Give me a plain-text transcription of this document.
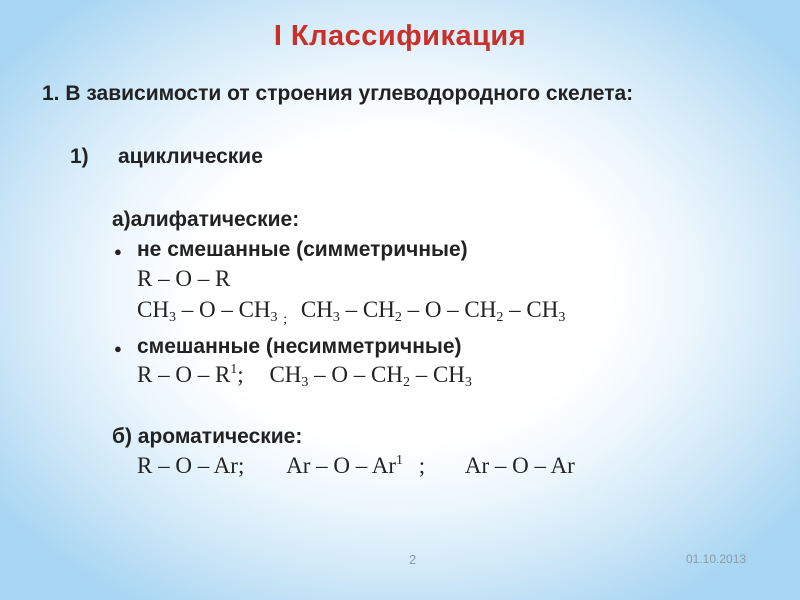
I Классификация
1. В зависимости от строения углеводородного скелета:
1) ациклические
а)алифатические:
● не смешанные (симметричные)
R – O – R
$CH_3$ – O – $CH_3$ $_;$ $CH_3 - CH_2$ – O – $CH_2 - CH_3$
● смешанные (несимметричные)
R – O – $R^1$; $CH_3$ – O – $CH_2 - CH_3$
б) ароматические:
R – O – Ar; Ar – O – Ar$^1$ ; Ar – O – Ar
2	01.10.2013
